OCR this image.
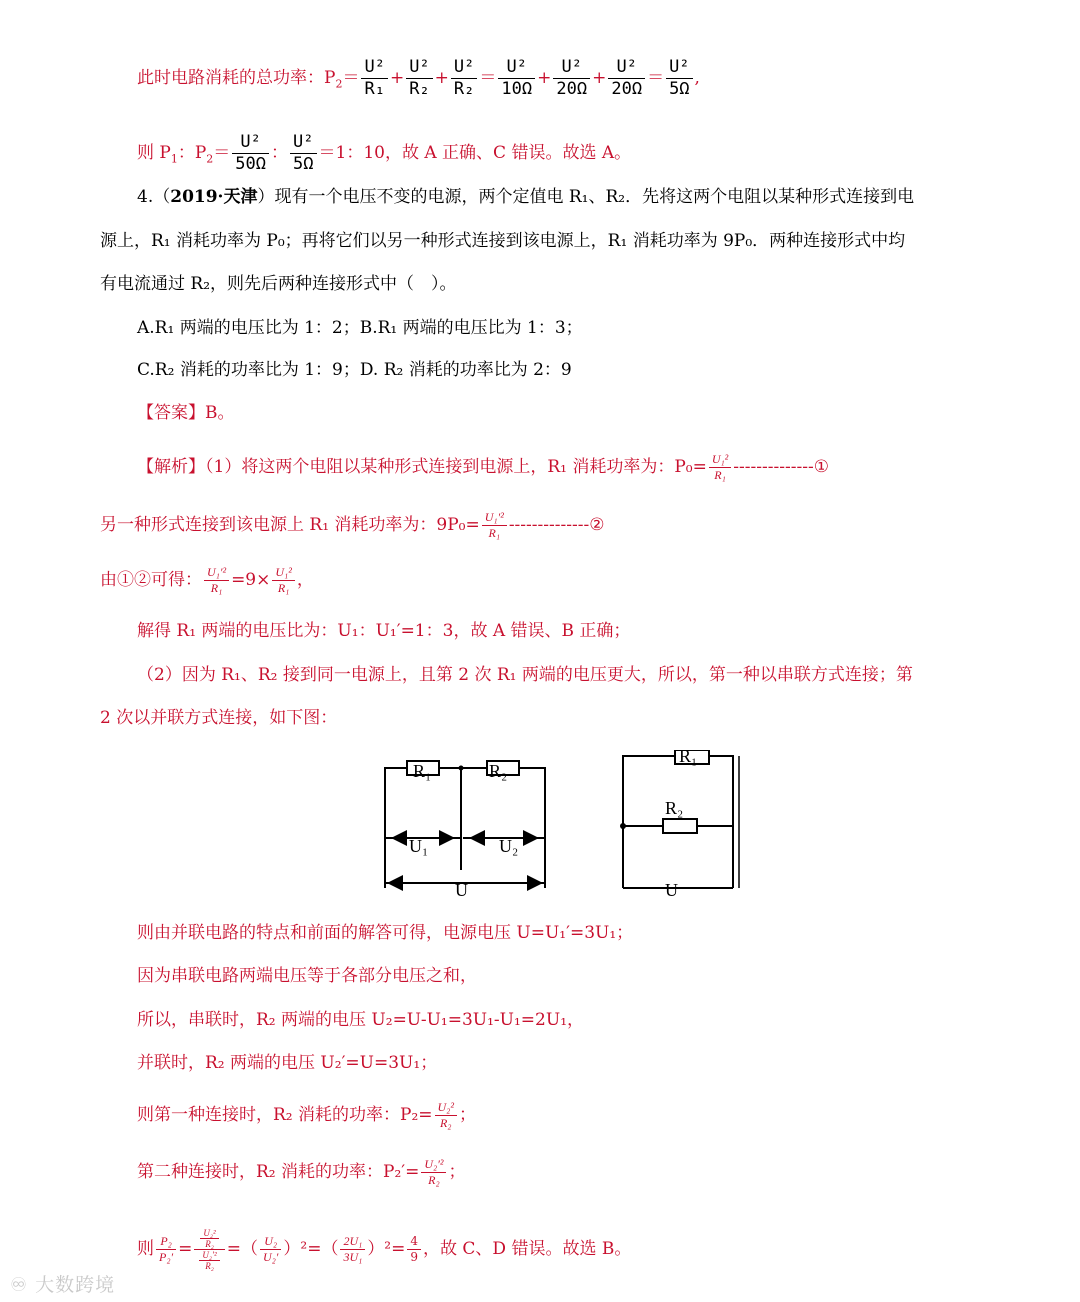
此时电路消耗的总功率：$P_2= \frac{\text{U²}}{\text{R₁}} + \frac{\text{U²}}{\text{R₂}} + \frac{\text{U²}}{\text{R₂}} = \frac{\text{U²}}{10\Omega} + \frac{\text{U²}}{20\Omega} + \frac{\text{U²}}{20\Omega} = \frac{\text{U²}}{5\Omega}$ ,
则 $P_1$：$P_2= \frac{\text{U²}}{50\Omega}$ ： $\frac{\text{U²}}{5\Omega} =1$：10，故 A 正确、C 错误。故选 A。
4.（2019·天津）现有一个电压不变的电源，两个定值电 R₁、R₂．先将这两个电阻以某种形式连接到电
源上，R₁ 消耗功率为 P₀；再将它们以另一种形式连接到该电源上，R₁ 消耗功率为 9P₀．两种连接形式中均
有电流通过 R₂，则先后两种连接形式中（　）。
A.R₁ 两端的电压比为 1：2；B.R₁ 两端的电压比为 1：3；
C.R₂ 消耗的功率比为 1：9；D. R₂ 消耗的功率比为 2：9
【答案】B。
【解析】（1）将这两个电阻以某种形式连接到电源上，R₁ 消耗功率为：$P_0= \frac{\text{U₁²}}{\text{R₁}}$ --------------①
另一种形式连接到该电源上 R₁ 消耗功率为：$9P_0= \frac{\text{U₁′²}}{\text{R₁}}$ --------------②
由①②可得： $\frac{\text{U₁′²}}{\text{R₁}} =9\times \frac{\text{U₁²}}{\text{R₁}}$ ，
解得 R₁ 两端的电压比为：U₁：U₁′=1：3，故 A 错误、B 正确；
（2）因为 R₁、R₂ 接到同一电源上，且第 2 次 R₁ 两端的电压更大，所以，第一种以串联方式连接；第
2 次以并联方式连接，如下图：
R₁	R₂
U₁	U₂
U
R₁
R₂
U
则由并联电路的特点和前面的解答可得，电源电压 U=U₁′=3U₁；
因为串联电路两端电压等于各部分电压之和，
所以，串联时，R₂ 两端的电压 U₂=U-U₁=3U₁-U₁=2U₁，
并联时，R₂ 两端的电压 U₂′=U=3U₁；
则第一种连接时，R₂ 消耗的功率：$P_2= \frac{\text{U₂²}}{\text{R₂}}$ ；
第二种连接时，R₂ 消耗的功率：$P_2'= \frac{\text{U₂′²}}{\text{R₂}}$ ；
则 $\frac{\text{P₂}}{\text{P₂′}} = \frac{\frac{\text{U₂²}}{\text{R₂}}}{\frac{\text{U₂′²}}{\text{R₂}}}$ =（ $\frac{\text{U₂}}{\text{U₂′}} )^2=( \frac{\text{2U₁}}{\text{3U₁}} )^2= \frac{4}{9}$ ，故 C、D 错误。故选 B。
♾ 大数跨境
